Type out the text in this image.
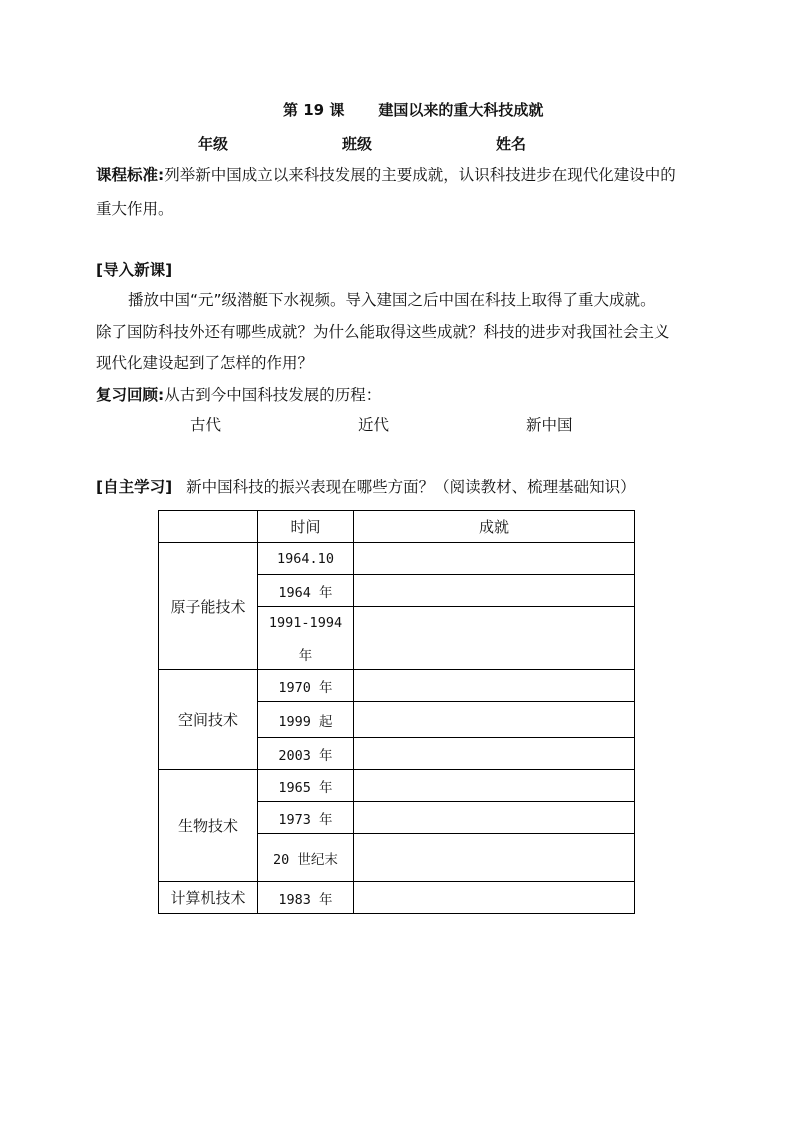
第 19 课 建国以来的重大科技成就
年级	班级	姓名
课程标准:列举新中国成立以来科技发展的主要成就，认识科技进步在现代化建设中的
重大作用。
[导入新课]
播放中国“元”级潜艇下水视频。导入建国之后中国在科技上取得了重大成就。
除了国防科技外还有哪些成就？为什么能取得这些成就？科技的进步对我国社会主义
现代化建设起到了怎样的作用？
复习回顾:从古到今中国科技发展的历程：
古代	近代	新中国
[自主学习] 新中国科技的振兴表现在哪些方面？（阅读教材、梳理基础知识）
	时间	成就
原子能技术	1964.10	
	1964 年	
	1991-1994	
	年	
空间技术	1970 年	
	1999 起	
	2003 年	
生物技术	1965 年	
	1973 年	
	20 世纪末	
计算机技术	1983 年	
